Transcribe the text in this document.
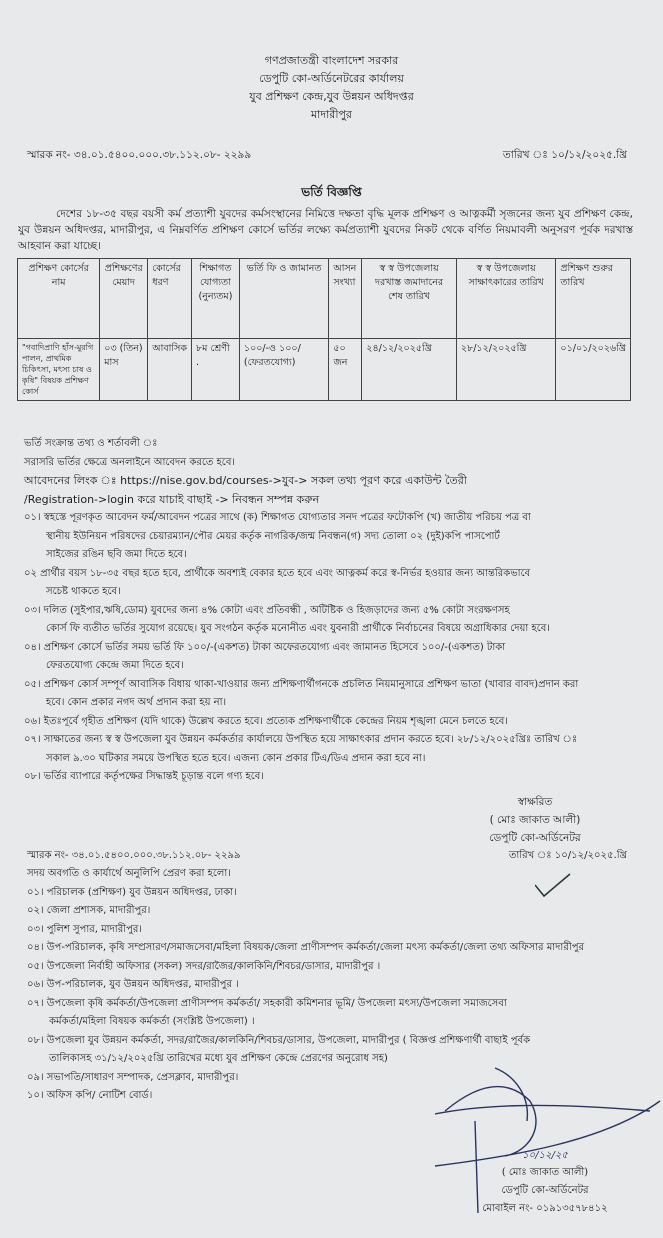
গণপ্রজাতন্ত্রী বাংলাদেশ সরকার
ডেপুটি কো-অর্ডিনেটরের কার্যালয়
যুব প্রশিক্ষণ কেন্দ্র,যুব উন্নয়ন অধিদপ্তর
মাদারীপুর
স্মারক নং- ৩৪.০১.৫৪০০.০০০.৩৮.১১২.০৮- ২২৯৯	তারিখ ঃ ১০/১২/২০২৫.খ্রি
ভর্তি বিজ্ঞপ্তি
দেশের ১৮-৩৫ বছর বয়সী কর্ম প্রত্যাশী যুবদের কর্মসংস্থানের নিমিত্তে দক্ষতা বৃদ্ধি মূলক প্রশিক্ষণ ও আত্নকর্মী সৃজনের জন্য যুব প্রশিক্ষণ কেন্দ্র, যুব উন্নয়ন অধিদপ্তর, মাদারীপুর, এ নিম্নবর্ণিত প্রশিক্ষণ কোর্সে ভর্তির লক্ষ্যে কর্মপ্রত্যাশী যুবদের নিকট থেকে বর্ণিত নিয়মাবলী অনুসরণ পূর্বক দরখাস্ত আহবান করা যাচ্ছে।
প্রশিক্ষণ কোর্সের নাম	প্রশিক্ষণের মেয়াদ	কোর্সের ধরণ	শিক্ষাগত যোগ্যতা (নুন্যতম)	ভর্তি ফি ও জামানত	আসন সংখ্যা	স্ব স্ব উপজেলায় দরখাস্ত জমাদানের শেষ তারিখ	স্ব স্ব উপজেলায় সাক্ষাৎকারের তারিখ	প্রশিক্ষণ শুরুর তারিখ
"গবাদিপ্রাণি হাঁস-মুরগি পালন, প্রাথমিক চিকিৎসা, মৎস্য চাষ ও কৃষি" বিষয়ক প্রশিক্ষণ কোর্স	০৩ (তিন) মাস	আবাসিক	৮ম শ্রেণী .	১০০/-ও ১০০/ (ফেরতযোগ্য)	৫০ জন	২৪/১২/২০২৫খ্রি	২৮/১২/২০২৫খ্রি	০১/০১/২০২৬খ্রি
ভর্তি সংক্রান্ত তথ্য ও শর্তাবলী ঃ
সরাসরি ভর্তির ক্ষেত্রে অনলাইনে আবেদন করতে হবে।
আবেদনের লিংক ঃ https://nise.gov.bd/courses->যুব-> সকল তথ্য পূরণ করে একাউন্ট তৈরী
/Registration->login করে যাচাই বাছাই -> নিবন্ধন সম্পন্ন করুন
০১। স্বহস্তে পূরণকৃত আবেদন ফর্ম/আবেদন পত্রের সাথে (ক) শিক্ষাগত যোগ্যতার সনদ পত্রের ফটোকপি (খ) জাতীয় পরিচয় পত্র বা
স্থানীয় ইউনিয়ন পরিষদের চেয়ারম্যান/পৌর মেয়র কর্তৃক নাগরিক/জন্ম নিবন্ধন(গ) সদ্য তোলা ০২ (দুই)কপি পাসপোর্ট
সাইজের রঙিন ছবি জমা দিতে হবে।
০২ প্রার্থীর বয়স ১৮-৩৫ বছর হতে হবে, প্রার্থীকে অবশ্যই বেকার হতে হবে এবং আত্নকর্ম করে স্ব-নির্ভর হওয়ার জন্য আন্তরিকভাবে
সচেষ্ট থাকতে হবে।
০৩। দলিত (সুইপার,ঋষি,ডোম) যুবদের জন্য ৪% কোটা এবং প্রতিবন্ধী , অটিষ্টিক ও হিজড়াদের জন্য ৫% কোটা সংরক্ষণসহ
কোর্স ফি ব্যতীত ভর্তির সুযোগ রয়েছে। যুব সংগঠন কর্তৃক মনোনীত এবং যুবনারী প্রার্থীকে নির্বাচনের বিষয়ে অগ্রাধিকার দেয়া হবে।
০৪। প্রশিক্ষণ কোর্সে ভর্তির সময় ভর্তি ফি ১০০/-(একশত) টাকা অফেরতযোগ্য এবং জামানত হিসেবে ১০০/-(একশত) টাকা
ফেরতযোগ্য কেন্দ্রে জমা দিতে হবে।
০৫। প্রশিক্ষণ কোর্স সম্পূর্ণ আবাসিক বিধায় থাকা-খাওয়ার জন্য প্রশিক্ষণার্থীগনকে প্রচলিত নিয়মানুসারে প্রশিক্ষণ ভাতা (খাবার বাবদ)প্রদান করা
হবে। কোন প্রকার নগদ অর্থ প্রদান করা হয় না।
০৬। ইতঃপূর্বে গৃহীত প্রশিক্ষণ (যদি থাকে) উল্লেখ করতে হবে। প্রত্যেক প্রশিক্ষণার্থীকে কেন্দ্রের নিয়ম শৃঙ্খলা মেনে চলতে হবে।
০৭। সাক্ষাতের জন্য স্ব স্ব উপজেলা যুব উন্নয়ন কর্মকর্তার কার্যালয়ে উপস্থিত হয়ে সাক্ষাৎকার প্রদান করতে হবে। ২৮/১২/২০২৫খ্রিঃ তারিখ ঃ
সকাল ৯.৩০ ঘটিকার সময়ে উপস্থিত হতে হবে। এজন্য কোন প্রকার টিএ/ডিএ প্রদান করা হবে না।
০৮। ভর্তির ব্যাপারে কর্তৃপক্ষের সিদ্ধান্তই চূড়ান্ত বলে গণ্য হবে।
স্বাক্ষরিত
( মোঃ জাকাত আলী)
ডেপুটি কো-অর্ডিনেটর
স্মারক নং- ৩৪.০১.৫৪০০.০০০.৩৮.১১২.০৮- ২২৯৯	তারিখ ঃ ১০/১২/২০২৫.খ্রি
সদয় অবগতি ও কার্যার্থে অনুলিপি প্রেরণ করা হলো।
০১। পরিচালক (প্রশিক্ষণ) যুব উন্নয়ন অধিদপ্তর, ঢাকা।
০২। জেলা প্রশাসক, মাদারীপুর।
০৩। পুলিশ সুপার, মাদারীপুর।
০৪। উপ-পরিচালক, কৃষি সম্প্রসারণ/সমাজসেবা/মহিলা বিষয়ক/জেলা প্রাণীসম্পদ কর্মকর্তা/জেলা মৎস্য কর্মকর্তা/জেলা তথ্য অফিসার মাদারীপুর
০৫। উপজেলা নির্বাহী অফিসার (সকল) সদর/রাজৈর/কালকিনি/শিবচর/ডাসার, মাদারীপুর ।
০৬। উপ-পরিচালক, যুব উন্নয়ন অধিদপ্তর, মাদারীপুর ।
০৭। উপজেলা কৃষি কর্মকর্তা/উপজেলা প্রাণীসম্পদ কর্মকর্তা/ সহকারী কমিশনার ভূমি/ উপজেলা মৎস্য/উপজেলা সমাজসেবা
কর্মকর্তা/মহিলা বিষয়ক কর্মকর্তা (সংশ্লিষ্ট উপজেলা) ।
০৮। উপজেলা যুব উন্নয়ন কর্মকর্তা, সদর/রাজৈর/কালকিনি/শিবচর/ডাসার, উপজেলা, মাদারীপুর ( বিজ্ঞপ্ত প্রশিক্ষণার্থী বাছাই পূর্বক
তালিকাসহ ৩১/১২/২০২৫খ্রি তারিখের মধ্যে যুব প্রশিক্ষণ কেন্দ্রে প্রেরণের অনুরোধ সহ)
০৯। সভাপতি/সাধারণ সম্পাদক, প্রেসক্লাব, মাদারীপুর।
১০। অফিস কপি/ নোটিশ বোর্ড।
১০/১২/২৫
( মোঃ জাকাত আলী)
ডেপুটি কো-অর্ডিনেটর
মোবাইল নং- ০১৯১৩৫৭৮৪১২
